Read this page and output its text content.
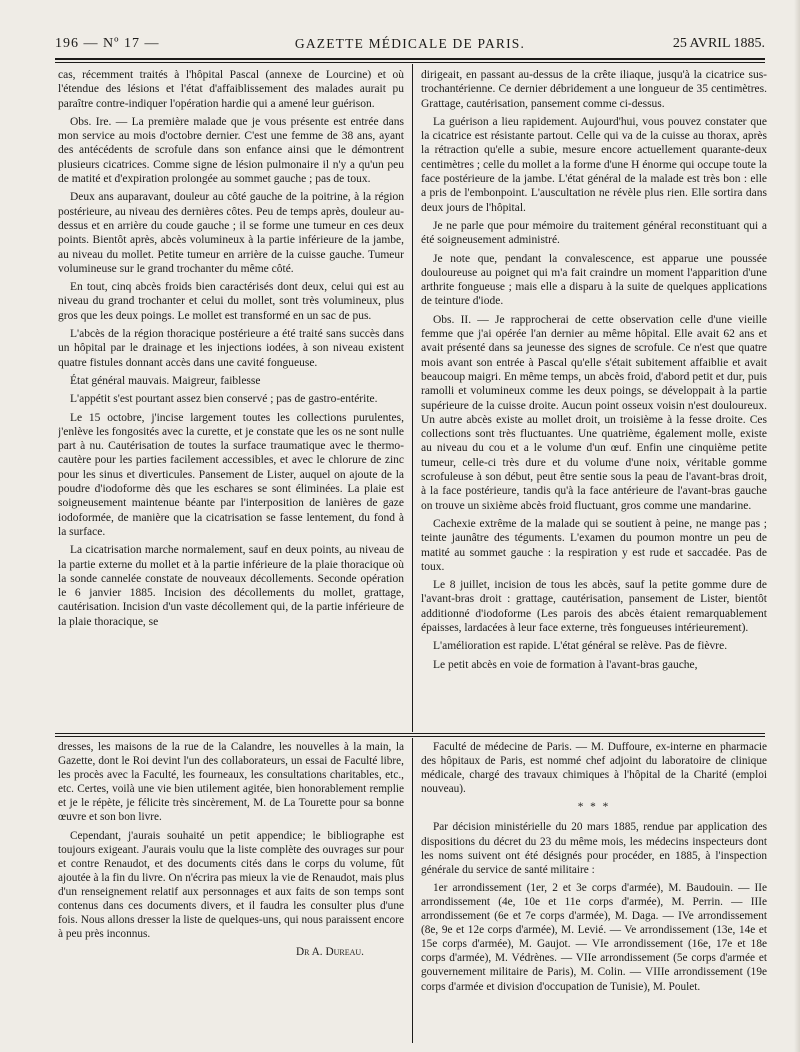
196 — Nº 17 —	GAZETTE MÉDICALE DE PARIS.	25 AVRIL 1885.

cas, récemment traités à l'hôpital Pascal (annexe de Lourcine) et où l'étendue des lésions et l'état d'affaiblissement des malades aurait pu paraître contre-indiquer l'opération hardie qui a amené leur guérison.

Obs. Ire. — La première malade que je vous présente est entrée dans mon service au mois d'octobre dernier. C'est une femme de 38 ans, ayant des antécédents de scrofule dans son enfance ainsi que le démontrent plusieurs cicatrices. Comme signe de lésion pulmonaire il n'y a qu'un peu de matité et d'expiration prolongée au sommet gauche ; pas de toux.

Deux ans auparavant, douleur au côté gauche de la poitrine, à la région postérieure, au niveau des dernières côtes. Peu de temps après, douleur au-dessus et en arrière du coude gauche ; il se forme une tumeur en ces deux points. Bientôt après, abcès volumineux à la partie inférieure de la jambe, au niveau du mollet. Petite tumeur en arrière de la cuisse gauche. Tumeur volumineuse sur le grand trochanter du même côté.

En tout, cinq abcès froids bien caractérisés dont deux, celui qui est au niveau du grand trochanter et celui du mollet, sont très volumineux, plus gros que les deux poings. Le mollet est transformé en un sac de pus.

L'abcès de la région thoracique postérieure a été traité sans succès dans un hôpital par le drainage et les injections iodées, à son niveau existent quatre fistules donnant accès dans une cavité fongueuse.

État général mauvais. Maigreur, faiblesse

L'appétit s'est pourtant assez bien conservé ; pas de gastro-entérite.

Le 15 octobre, j'incise largement toutes les collections purulentes, j'enlève les fongosités avec la curette, et je constate que les os ne sont nulle part à nu. Cautérisation de toutes la surface traumatique avec le thermo-cautère pour les parties facilement accessibles, et avec le chlorure de zinc pour les sinus et diverticules. Pansement de Lister, auquel on ajoute de la poudre d'iodoforme dès que les eschares se sont éliminées. La plaie est soigneusement maintenue béante par l'interposition de lanières de gaze iodoformée, de manière que la cicatrisation se fasse lentement, du fond à la surface.

La cicatrisation marche normalement, sauf en deux points, au niveau de la partie externe du mollet et à la partie inférieure de la plaie thoracique où la sonde cannelée constate de nouveaux décollements. Seconde opération le 6 janvier 1885. Incision des décollements du mollet, grattage, cautérisation. Incision d'un vaste décollement qui, de la partie inférieure de la plaie thoracique, se

dirigeait, en passant au-dessus de la crête iliaque, jusqu'à la cicatrice sus-trochantérienne. Ce dernier débridement a une longueur de 35 centimètres. Grattage, cautérisation, pansement comme ci-dessus.

La guérison a lieu rapidement. Aujourd'hui, vous pouvez constater que la cicatrice est résistante partout. Celle qui va de la cuisse au thorax, après la rétraction qu'elle a subie, mesure encore actuellement quarante-deux centimètres ; celle du mollet a la forme d'une H énorme qui occupe toute la face postérieure de la jambe. L'état général de la malade est très bon : elle a pris de l'embonpoint. L'auscultation ne révèle plus rien. Elle sortira dans deux jours de l'hôpital.

Je ne parle que pour mémoire du traitement général reconstituant qui a été soigneusement administré.

Je note que, pendant la convalescence, est apparue une poussée douloureuse au poignet qui m'a fait craindre un moment l'apparition d'une arthrite fongueuse ; mais elle a disparu à la suite de quelques applications de teinture d'iode.

Obs. II. — Je rapprocherai de cette observation celle d'une vieille femme que j'ai opérée l'an dernier au même hôpital. Elle avait 62 ans et avait présenté dans sa jeunesse des signes de scrofule. Ce n'est que quatre mois avant son entrée à Pascal qu'elle s'était subitement affaiblie et avait beaucoup maigri. En même temps, un abcès froid, d'abord petit et dur, puis ramolli et volumineux comme les deux poings, se développait à la partie supérieure de la cuisse droite. Aucun point osseux voisin n'est douloureux. Un autre abcès existe au mollet droit, un troisième à la fesse droite. Ces collections sont très fluctuantes. Une quatrième, également molle, existe au niveau du cou et a le volume d'un œuf. Enfin une cinquième petite tumeur, celle-ci très dure et du volume d'une noix, véritable gomme scrofuleuse à son début, peut être sentie sous la peau de l'avant-bras droit, à la face postérieure, tandis qu'à la face antérieure de l'avant-bras gauche on trouve un sixième abcès froid fluctuant, gros comme une mandarine.

Cachexie extrême de la malade qui se soutient à peine, ne mange pas ; teinte jaunâtre des téguments. L'examen du poumon montre un peu de matité au sommet gauche : la respiration y est rude et saccadée. Pas de toux.

Le 8 juillet, incision de tous les abcès, sauf la petite gomme dure de l'avant-bras droit : grattage, cautérisation, pansement de Lister, bientôt additionné d'iodoforme (Les parois des abcès étaient remarquablement épaisses, lardacées à leur face externe, très fongueuses intérieurement).

L'amélioration est rapide. L'état général se relève. Pas de fièvre.

Le petit abcès en voie de formation à l'avant-bras gauche,

dresses, les maisons de la rue de la Calandre, les nouvelles à la main, la Gazette, dont le Roi devint l'un des collaborateurs, un essai de Faculté libre, les procès avec la Faculté, les fourneaux, les consultations charitables, etc., etc. Certes, voilà une vie bien utilement agitée, bien honorablement remplie et je le répète, je félicite très sincèrement, M. de La Tourette pour sa bonne œuvre et son bon livre.

Cependant, j'aurais souhaité un petit appendice; le bibliographe est toujours exigeant. J'aurais voulu que la liste complète des ouvrages sur pour et contre Renaudot, et des documents cités dans le corps du volume, fût ajoutée à la fin du livre. On n'écrira pas mieux la vie de Renaudot, mais plus d'un renseignement relatif aux personnages et aux faits de son temps sont contenus dans ces documents divers, et il faudra les consulter plus d'une fois. Nous allons dresser la liste de quelques-uns, qui nous paraissent encore à peu près inconnus.

Dr A. Dureau.

Faculté de médecine de Paris. — M. Duffoure, ex-interne en pharmacie des hôpitaux de Paris, est nommé chef adjoint du laboratoire de clinique médicale, chargé des travaux chimiques à l'hôpital de la Charité (emploi nouveau).

* * *

Par décision ministérielle du 20 mars 1885, rendue par application des dispositions du décret du 23 du même mois, les médecins inspecteurs dont les noms suivent ont été désignés pour procéder, en 1885, à l'inspection générale du service de santé militaire :

1er arrondissement (1er, 2 et 3e corps d'armée), M. Baudouin. — IIe arrondissement (4e, 10e et 11e corps d'armée), M. Perrin. — IIIe arrondissement (6e et 7e corps d'armée), M. Daga. — IVe arrondissement (8e, 9e et 12e corps d'armée), M. Levié. — Ve arrondissement (13e, 14e et 15e corps d'armée), M. Gaujot. — VIe arrondissement (16e, 17e et 18e corps d'armée), M. Védrènes. — VIIe arrondissement (5e corps d'armée et gouvernement militaire de Paris), M. Colin. — VIIIe arrondissement (19e corps d'armée et division d'occupation de Tunisie), M. Poulet.
